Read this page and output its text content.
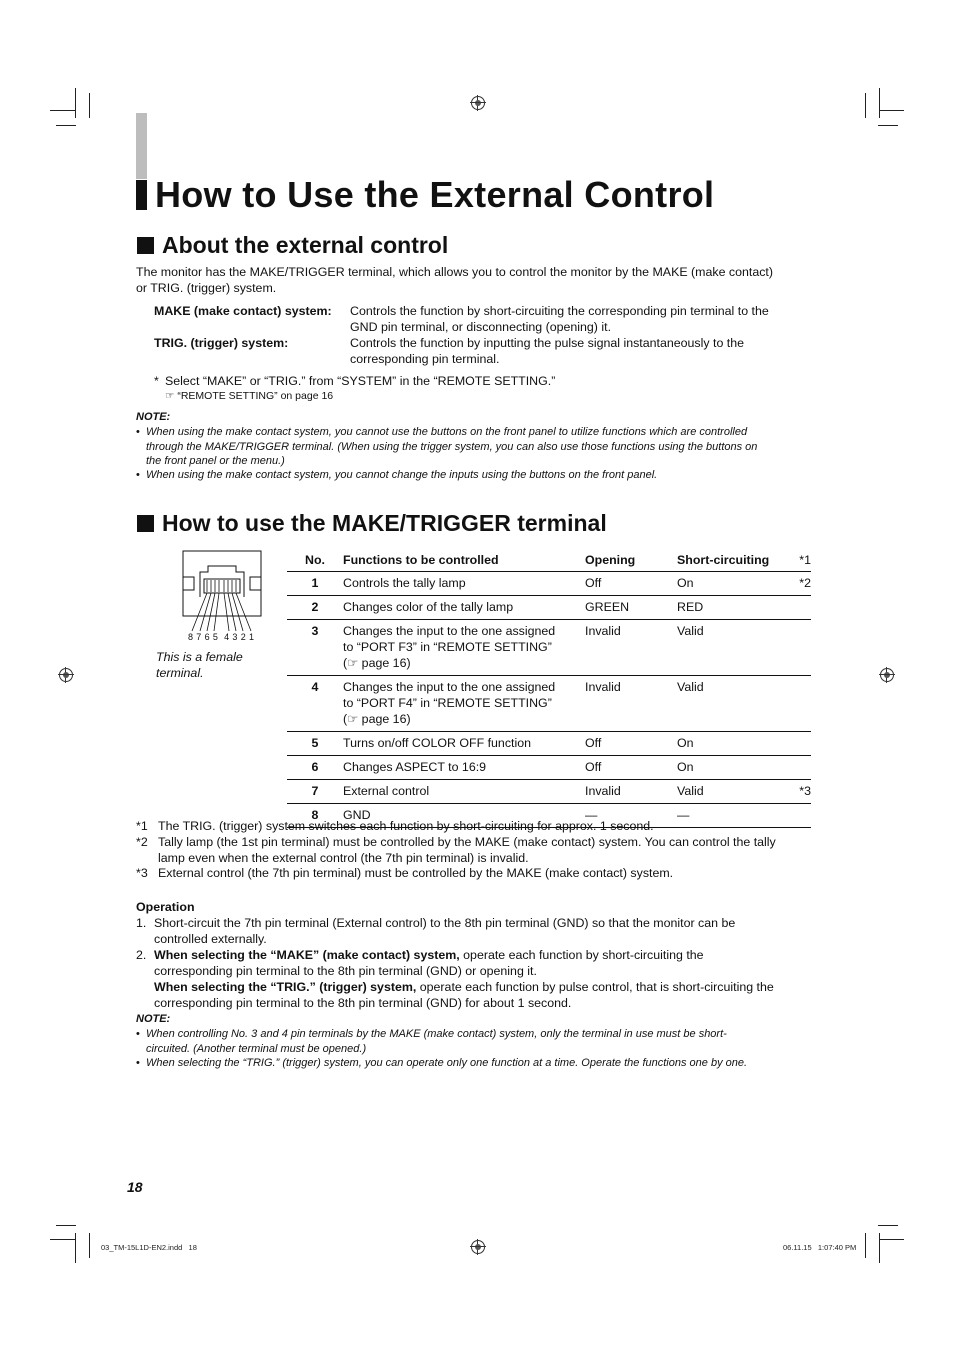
How to Use the External Control
About the external control
The monitor has the MAKE/TRIGGER terminal, which allows you to control the monitor by the MAKE (make contact)
or TRIG. (trigger) system.
MAKE (make contact) system: Controls the function by short-circuiting the corresponding pin terminal to the
GND pin terminal, or disconnecting (opening) it.
TRIG. (trigger) system:	Controls the function by inputting the pulse signal instantaneously to the
corresponding pin terminal.
* Select “MAKE” or “TRIG.” from “SYSTEM” in the “REMOTE SETTING.”
☞ “REMOTE SETTING” on page 16
NOTE:
• When using the make contact system, you cannot use the buttons on the front panel to utilize functions which are controlled
through the MAKE/TRIGGER terminal. (When using the trigger system, you can also use those functions using the buttons on
the front panel or the menu.)
• When using the make contact system, you cannot change the inputs using the buttons on the front panel.
How to use the MAKE/TRIGGER terminal
8 7 6 5  4 3 2 1
This is a female
terminal.
No.	Functions to be controlled	Opening	Short-circuiting	*1
1	Controls the tally lamp	Off	On	*2
2	Changes color of the tally lamp	GREEN	RED	
3	Changes the input to the one assigned
to “PORT F3” in “REMOTE SETTING”
(☞ page 16)	Invalid	Valid	
4	Changes the input to the one assigned
to “PORT F4” in “REMOTE SETTING”
(☞ page 16)	Invalid	Valid	
5	Turns on/off COLOR OFF function	Off	On	
6	Changes ASPECT to 16:9	Off	On	
7	External control	Invalid	Valid	*3
8	GND	—	—	
*1 The TRIG. (trigger) system switches each function by short-circuiting for approx. 1 second.
*2 Tally lamp (the 1st pin terminal) must be controlled by the MAKE (make contact) system. You can control the tally
lamp even when the external control (the 7th pin terminal) is invalid.
*3 External control (the 7th pin terminal) must be controlled by the MAKE (make contact) system.
Operation
1. Short-circuit the 7th pin terminal (External control) to the 8th pin terminal (GND) so that the monitor can be
controlled externally.
2. When selecting the “MAKE” (make contact) system, operate each function by short-circuiting the
corresponding pin terminal to the 8th pin terminal (GND) or opening it.
When selecting the “TRIG.” (trigger) system, operate each function by pulse control, that is short-circuiting the
corresponding pin terminal to the 8th pin terminal (GND) for about 1 second.
NOTE:
• When controlling No. 3 and 4 pin terminals by the MAKE (make contact) system, only the terminal in use must be short-
circuited. (Another terminal must be opened.)
• When selecting the “TRIG.” (trigger) system, you can operate only one function at a time. Operate the functions one by one.
18
03_TM-15L1D-EN2.indd   18	06.11.15   1:07:40 PM
